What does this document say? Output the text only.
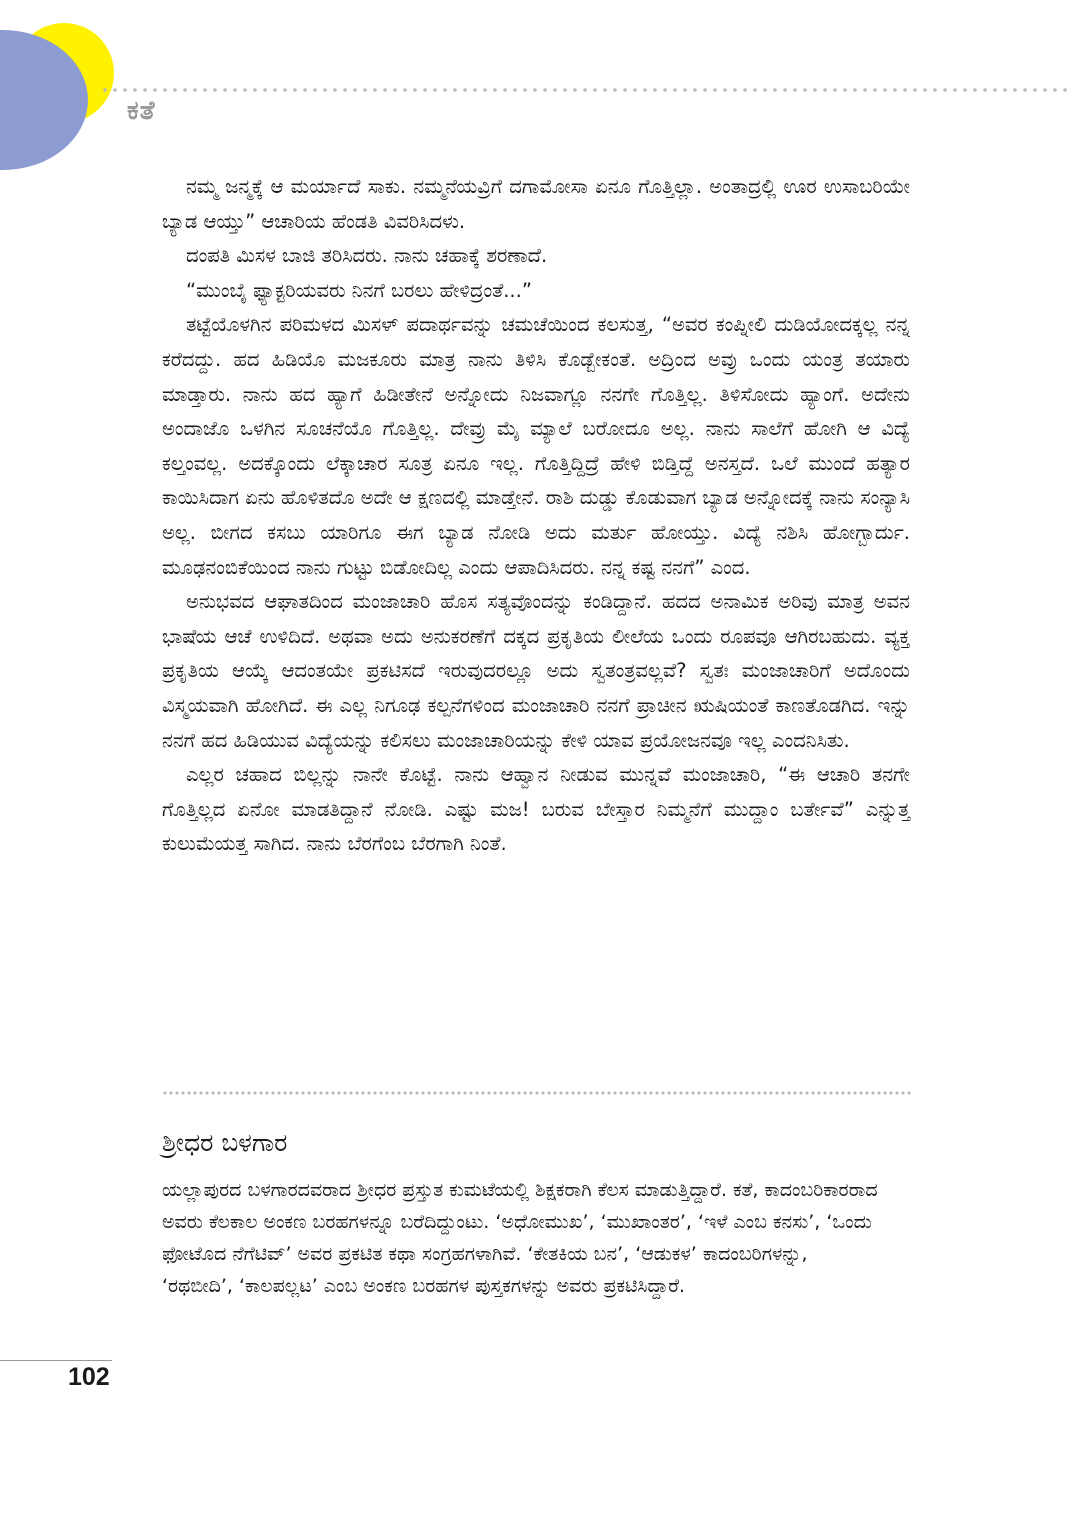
ಕತೆ

ನಮ್ಮ ಜನ್ಮಕ್ಕೆ ಆ ಮರ್ಯಾದೆ ಸಾಕು. ನಮ್ಮನೆಯವ್ರಿಗೆ ದಗಾಮೋಸಾ ಏನೂ ಗೊತ್ತಿಲ್ಲಾ. ಅಂತಾದ್ರಲ್ಲಿ ಊರ ಉಸಾಬರಿಯೇ ಬ್ಯಾಡ ಆಯ್ತು” ಆಚಾರಿಯ ಹೆಂಡತಿ ವಿವರಿಸಿದಳು.

ದಂಪತಿ ಮಿಸಳ ಬಾಜಿ ತರಿಸಿದರು. ನಾನು ಚಹಾಕ್ಕೆ ಶರಣಾದೆ.

“ಮುಂಬೈ ಫ್ಯಾಕ್ಟರಿಯವರು ನಿನಗೆ ಬರಲು ಹೇಳಿದ್ರಂತೆ...”

ತಟ್ಟೆಯೊಳಗಿನ ಪರಿಮಳದ ಮಿಸಳ್ ಪದಾರ್ಥವನ್ನು ಚಮಚೆಯಿಂದ ಕಲಸುತ್ತ, “ಅವರ ಕಂಪ್ನೀಲಿ ದುಡಿಯೋದಕ್ಕಲ್ಲ ನನ್ನ ಕರೆದದ್ದು. ಹದ ಹಿಡಿಯೊ ಮಜಕೂರು ಮಾತ್ರ ನಾನು ತಿಳಿಸಿ ಕೊಡ್ಬೇಕಂತೆ. ಅದ್ರಿಂದ ಅವ್ರು ಒಂದು ಯಂತ್ರ ತಯಾರು ಮಾಡ್ತಾರು. ನಾನು ಹದ ಹ್ಯಾಗೆ ಹಿಡೀತೇನೆ ಅನ್ನೋದು ನಿಜವಾಗ್ಲೂ ನನಗೇ ಗೊತ್ತಿಲ್ಲ. ತಿಳಿಸೋದು ಹ್ಯಾಂಗೆ. ಅದೇನು ಅಂದಾಜೊ ಒಳಗಿನ ಸೂಚನೆಯೊ ಗೊತ್ತಿಲ್ಲ. ದೇವ್ರು ಮೈ ಮ್ಯಾಲೆ ಬರೋದೂ ಅಲ್ಲ. ನಾನು ಸಾಲೆಗೆ ಹೋಗಿ ಆ ವಿದ್ಯೆ ಕಲ್ತಂವಲ್ಲ. ಅದಕ್ಕೊಂದು ಲೆಕ್ಕಾಚಾರ ಸೂತ್ರ ಏನೂ ಇಲ್ಲ. ಗೊತ್ತಿದ್ದಿದ್ರೆ ಹೇಳಿ ಬಿಡ್ತಿದ್ದೆ ಅನಸ್ತದೆ. ಒಲೆ ಮುಂದೆ ಹತ್ಯಾರ ಕಾಯಿಸಿದಾಗ ಏನು ಹೊಳಿತದೊ ಅದೇ ಆ ಕ್ಷಣದಲ್ಲಿ ಮಾಡ್ತೇನೆ. ರಾಶಿ ದುಡ್ಡು ಕೊಡುವಾಗ ಬ್ಯಾಡ ಅನ್ನೋದಕ್ಕೆ ನಾನು ಸಂನ್ಯಾಸಿ ಅಲ್ಲ. ಬೀಗದ ಕಸಬು ಯಾರಿಗೂ ಈಗ ಬ್ಯಾಡ ನೋಡಿ ಅದು ಮರ್ತು ಹೋಯ್ತು. ವಿದ್ಯೆ ನಶಿಸಿ ಹೋಗ್ಬಾರ್ದು. ಮೂಢನಂಬಿಕೆಯಿಂದ ನಾನು ಗುಟ್ಟು ಬಿಡೋದಿಲ್ಲ ಎಂದು ಆಪಾದಿಸಿದರು. ನನ್ನ ಕಷ್ಟ ನನಗೆ” ಎಂದ.

ಅನುಭವದ ಆಘಾತದಿಂದ ಮಂಜಾಚಾರಿ ಹೊಸ ಸತ್ಯವೊಂದನ್ನು ಕಂಡಿದ್ದಾನೆ. ಹದದ ಅನಾಮಿಕ ಅರಿವು ಮಾತ್ರ ಅವನ ಭಾಷೆಯ ಆಚೆ ಉಳಿದಿದೆ. ಅಥವಾ ಅದು ಅನುಕರಣೆಗೆ ದಕ್ಕದ ಪ್ರಕೃತಿಯ ಲೀಲೆಯ ಒಂದು ರೂಪವೂ ಆಗಿರಬಹುದು. ವ್ಯಕ್ತ ಪ್ರಕೃತಿಯ ಆಯ್ಕೆ ಆದಂತಯೇ ಪ್ರಕಟಿಸದೆ ಇರುವುದರಲ್ಲೂ ಅದು ಸ್ವತಂತ್ರವಲ್ಲವೆ? ಸ್ವತಃ ಮಂಜಾಚಾರಿಗೆ ಅದೊಂದು ವಿಸ್ಮಯವಾಗಿ ಹೋಗಿದೆ. ಈ ಎಲ್ಲ ನಿಗೂಢ ಕಲ್ಪನೆಗಳಿಂದ ಮಂಜಾಚಾರಿ ನನಗೆ ಪ್ರಾಚೀನ ಋಷಿಯಂತೆ ಕಾಣತೊಡಗಿದ. ಇನ್ನು ನನಗೆ ಹದ ಹಿಡಿಯುವ ವಿದ್ಯೆಯನ್ನು ಕಲಿಸಲು ಮಂಜಾಚಾರಿಯನ್ನು ಕೇಳಿ ಯಾವ ಪ್ರಯೋಜನವೂ ಇಲ್ಲ ಎಂದನಿಸಿತು.

ಎಲ್ಲರ ಚಹಾದ ಬಿಲ್ಲನ್ನು ನಾನೇ ಕೊಟ್ಟೆ. ನಾನು ಆಹ್ವಾನ ನೀಡುವ ಮುನ್ನವೆ ಮಂಜಾಚಾರಿ, “ಈ ಆಚಾರಿ ತನಗೇ ಗೊತ್ತಿಲ್ಲದ ಏನೋ ಮಾಡತಿದ್ದಾನೆ ನೋಡಿ. ಎಷ್ಟು ಮಜ! ಬರುವ ಬೇಸ್ತಾರ ನಿಮ್ಮನೆಗೆ ಮುದ್ದಾಂ ಬರ್ತೇವೆ” ಎನ್ನುತ್ತ ಕುಲುಮೆಯತ್ತ ಸಾಗಿದ. ನಾನು ಬೆರಗೆಂಬ ಬೆರಗಾಗಿ ನಿಂತೆ.

ಶ್ರೀಧರ ಬಳಗಾರ

ಯಲ್ಲಾಪುರದ ಬಳಗಾರದವರಾದ ಶ್ರೀಧರ ಪ್ರಸ್ತುತ ಕುಮಟೆಯಲ್ಲಿ ಶಿಕ್ಷಕರಾಗಿ ಕೆಲಸ ಮಾಡುತ್ತಿದ್ದಾರೆ. ಕತೆ, ಕಾದಂಬರಿಕಾರರಾದ ಅವರು ಕೆಲಕಾಲ ಅಂಕಣ ಬರಹಗಳನ್ನೂ ಬರೆದಿದ್ದುಂಟು. ‘ಅಧೋಮುಖ’, ‘ಮುಖಾಂತರ’, ‘ಇಳೆ ಎಂಬ ಕನಸು’, ‘ಒಂದು ಫೋಟೊದ ನೆಗೆಟಿವ್’ ಅವರ ಪ್ರಕಟಿತ ಕಥಾ ಸಂಗ್ರಹಗಳಾಗಿವೆ. ‘ಕೇತಕಿಯ ಬನ’, ‘ಆಡುಕಳ’ ಕಾದಂಬರಿಗಳನ್ನು, ‘ರಥಬೀದಿ’, ‘ಕಾಲಪಲ್ಲಟ’ ಎಂಬ ಅಂಕಣ ಬರಹಗಳ ಪುಸ್ತಕಗಳನ್ನು ಅವರು ಪ್ರಕಟಿಸಿದ್ದಾರೆ.

102
